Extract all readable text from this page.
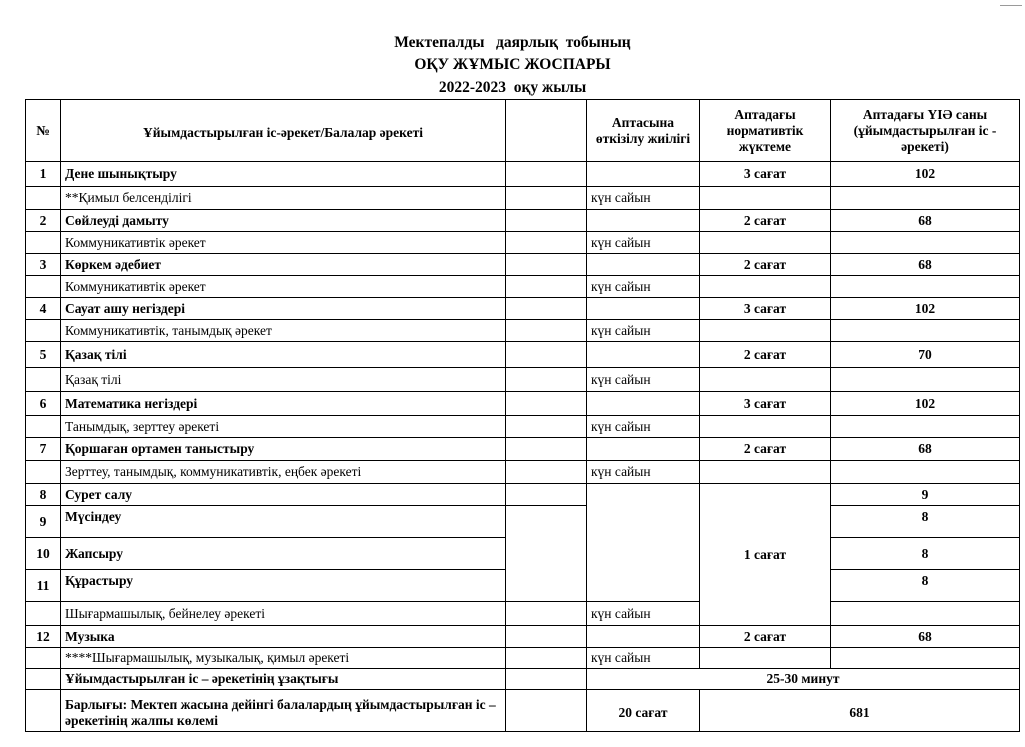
Мектепалды   даярлық  тобының
ОҚУ ЖҰМЫС ЖОСПАРЫ
2022-2023  оқу жылы
№	Ұйымдастырылған іс-әрекет/Балалар әрекеті		Аптасына өткізілу жиілігі	Аптадағы нормативтік жүктеме	Аптадағы ҮІӘ саны (ұйымдастырылған іс - әрекеті)
1	Дене шынықтыру			3 сағат	102
	**Қимыл белсенділігі		күн сайын		
2	Сөйлеуді дамыту			2 сағат	68
	Коммуникативтік әрекет		күн сайын		
3	Көркем әдебиет			2 сағат	68
	Коммуникативтік әрекет		күн сайын		
4	Сауат ашу негіздері			3 сағат	102
	Коммуникативтік, танымдық әрекет		күн сайын		
5	Қазақ тілі			2 сағат	70
	Қазақ тілі		күн сайын		
6	Математика негіздері			3 сағат	102
	Танымдық, зерттеу әрекеті		күн сайын		
7	Қоршаған ортамен таныстыру			2 сағат	68
	Зерттеу, танымдық, коммуникативтік, еңбек әрекеті		күн сайын		
8	Сурет салу			1 сағат	9
9	Мүсіндеу				8
10	Жапсыру				8
11	Құрастыру				8
	Шығармашылық, бейнелеу әрекеті		күн сайын		
12	Музыка			2 сағат	68
	****Шығармашылық, музыкалық, қимыл әрекеті		күн сайын		
	Ұйымдастырылған іс – әрекетінің ұзақтығы		25-30 минут		
	Барлығы: Мектеп жасына дейінгі балалардың ұйымдастырылған іс – әрекетінің жалпы көлемі		20 сағат	681	
